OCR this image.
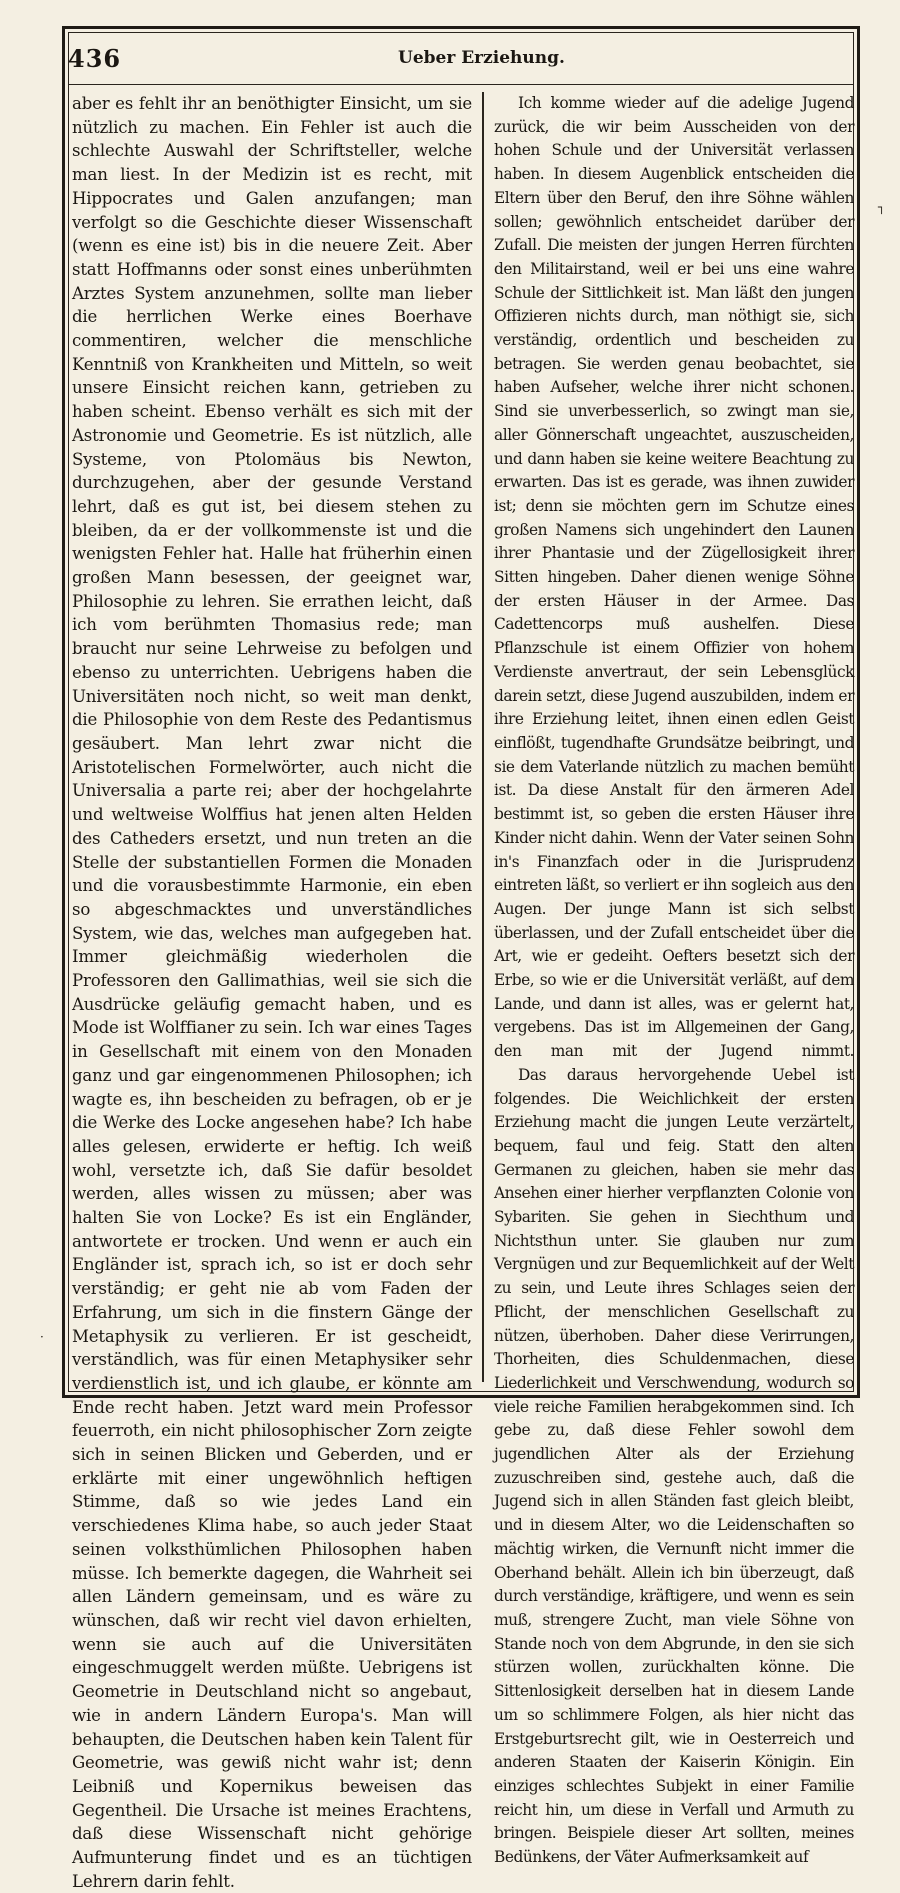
436	Ueber Erziehung.

aber es fehlt ihr an benöthigter Einsicht, um sie nützlich zu machen. Ein Fehler ist auch die schlechte Auswahl der Schriftsteller, welche man liest. In der Medizin ist es recht, mit Hippocrates und Galen anzufangen; man verfolgt so die Geschichte dieser Wissenschaft (wenn es eine ist) bis in die neuere Zeit. Aber statt Hoffmanns oder sonst eines unberühmten Arztes System anzunehmen, sollte man lieber die herrlichen Werke eines Boerhave commentiren, welcher die menschliche Kenntniß von Krankheiten und Mitteln, so weit unsere Einsicht reichen kann, getrieben zu haben scheint. Ebenso verhält es sich mit der Astronomie und Geometrie. Es ist nützlich, alle Systeme, von Ptolomäus bis Newton, durchzugehen, aber der gesunde Verstand lehrt, daß es gut ist, bei diesem stehen zu bleiben, da er der vollkommenste ist und die wenigsten Fehler hat. Halle hat früherhin einen großen Mann besessen, der geeignet war, Philosophie zu lehren. Sie errathen leicht, daß ich vom berühmten Thomasius rede; man braucht nur seine Lehrweise zu befolgen und ebenso zu unterrichten. Uebrigens haben die Universitäten noch nicht, so weit man denkt, die Philosophie von dem Reste des Pedantismus gesäubert. Man lehrt zwar nicht die Aristotelischen Formelwörter, auch nicht die Universalia a parte rei; aber der hochgelahrte und weltweise Wolffius hat jenen alten Helden des Catheders ersetzt, und nun treten an die Stelle der substantiellen Formen die Monaden und die vorausbestimmte Harmonie, ein eben so abgeschmacktes und unverständliches System, wie das, welches man aufgegeben hat. Immer gleichmäßig wiederholen die Professoren den Gallimathias, weil sie sich die Ausdrücke geläufig gemacht haben, und es Mode ist Wolffianer zu sein. Ich war eines Tages in Gesellschaft mit einem von den Monaden ganz und gar eingenommenen Philosophen; ich wagte es, ihn bescheiden zu befragen, ob er je die Werke des Locke angesehen habe? Ich habe alles gelesen, erwiderte er heftig. Ich weiß wohl, versetzte ich, daß Sie dafür besoldet werden, alles wissen zu müssen; aber was halten Sie von Locke? Es ist ein Engländer, antwortete er trocken. Und wenn er auch ein Engländer ist, sprach ich, so ist er doch sehr verständig; er geht nie ab vom Faden der Erfahrung, um sich in die finstern Gänge der Metaphysik zu verlieren. Er ist gescheidt, verständlich, was für einen Metaphysiker sehr verdienstlich ist, und ich glaube, er könnte am Ende recht haben. Jetzt ward mein Professor feuerroth, ein nicht philosophischer Zorn zeigte sich in seinen Blicken und Geberden, und er erklärte mit einer ungewöhnlich heftigen Stimme, daß so wie jedes Land ein verschiedenes Klima habe, so auch jeder Staat seinen volksthümlichen Philosophen haben müsse. Ich bemerkte dagegen, die Wahrheit sei allen Ländern gemeinsam, und es wäre zu wünschen, daß wir recht viel davon erhielten, wenn sie auch auf die Universitäten eingeschmuggelt werden müßte. Uebrigens ist Geometrie in Deutschland nicht so angebaut, wie in andern Ländern Europa's. Man will behaupten, die Deutschen haben kein Talent für Geometrie, was gewiß nicht wahr ist; denn Leibniß und Kopernikus beweisen das Gegentheil. Die Ursache ist meines Erachtens, daß diese Wissenschaft nicht gehörige Aufmunterung findet und es an tüchtigen Lehrern darin fehlt.

Ich komme wieder auf die adelige Jugend zurück, die wir beim Ausscheiden von der hohen Schule und der Universität verlassen haben. In diesem Augenblick entscheiden die Eltern über den Beruf, den ihre Söhne wählen sollen; gewöhnlich entscheidet darüber der Zufall. Die meisten der jungen Herren fürchten den Militairstand, weil er bei uns eine wahre Schule der Sittlichkeit ist. Man läßt den jungen Offizieren nichts durch, man nöthigt sie, sich verständig, ordentlich und bescheiden zu betragen. Sie werden genau beobachtet, sie haben Aufseher, welche ihrer nicht schonen. Sind sie unverbesserlich, so zwingt man sie, aller Gönnerschaft ungeachtet, auszuscheiden, und dann haben sie keine weitere Beachtung zu erwarten. Das ist es gerade, was ihnen zuwider ist; denn sie möchten gern im Schutze eines großen Namens sich ungehindert den Launen ihrer Phantasie und der Zügellosigkeit ihrer Sitten hingeben. Daher dienen wenige Söhne der ersten Häuser in der Armee. Das Cadettencorps muß aushelfen. Diese Pflanzschule ist einem Offizier von hohem Verdienste anvertraut, der sein Lebensglück darein setzt, diese Jugend auszubilden, indem er ihre Erziehung leitet, ihnen einen edlen Geist einflößt, tugendhafte Grundsätze beibringt, und sie dem Vaterlande nützlich zu machen bemüht ist. Da diese Anstalt für den ärmeren Adel bestimmt ist, so geben die ersten Häuser ihre Kinder nicht dahin. Wenn der Vater seinen Sohn in's Finanzfach oder in die Jurisprudenz eintreten läßt, so verliert er ihn sogleich aus den Augen. Der junge Mann ist sich selbst überlassen, und der Zufall entscheidet über die Art, wie er gedeiht. Oefters besetzt sich der Erbe, so wie er die Universität verläßt, auf dem Lande, und dann ist alles, was er gelernt hat, vergebens. Das ist im Allgemeinen der Gang, den man mit der Jugend nimmt.

Das daraus hervorgehende Uebel ist folgendes. Die Weichlichkeit der ersten Erziehung macht die jungen Leute verzärtelt, bequem, faul und feig. Statt den alten Germanen zu gleichen, haben sie mehr das Ansehen einer hierher verpflanzten Colonie von Sybariten. Sie gehen in Siechthum und Nichtsthun unter. Sie glauben nur zum Vergnügen und zur Bequemlichkeit auf der Welt zu sein, und Leute ihres Schlages seien der Pflicht, der menschlichen Gesellschaft zu nützen, überhoben. Daher diese Verirrungen, Thorheiten, dies Schuldenmachen, diese Liederlichkeit und Verschwendung, wodurch so viele reiche Familien herabgekommen sind. Ich gebe zu, daß diese Fehler sowohl dem jugendlichen Alter als der Erziehung zuzuschreiben sind, gestehe auch, daß die Jugend sich in allen Ständen fast gleich bleibt, und in diesem Alter, wo die Leidenschaften so mächtig wirken, die Vernunft nicht immer die Oberhand behält. Allein ich bin überzeugt, daß durch verständige, kräftigere, und wenn es sein muß, strengere Zucht, man viele Söhne von Stande noch von dem Abgrunde, in den sie sich stürzen wollen, zurückhalten könne. Die Sittenlosigkeit derselben hat in diesem Lande um so schlimmere Folgen, als hier nicht das Erstgeburtsrecht gilt, wie in Oesterreich und anderen Staaten der Kaiserin Königin. Ein einziges schlechtes Subjekt in einer Familie reicht hin, um diese in Verfall und Armuth zu bringen. Beispiele dieser Art sollten, meines Bedünkens, der Väter Aufmerksamkeit auf

·
┐
